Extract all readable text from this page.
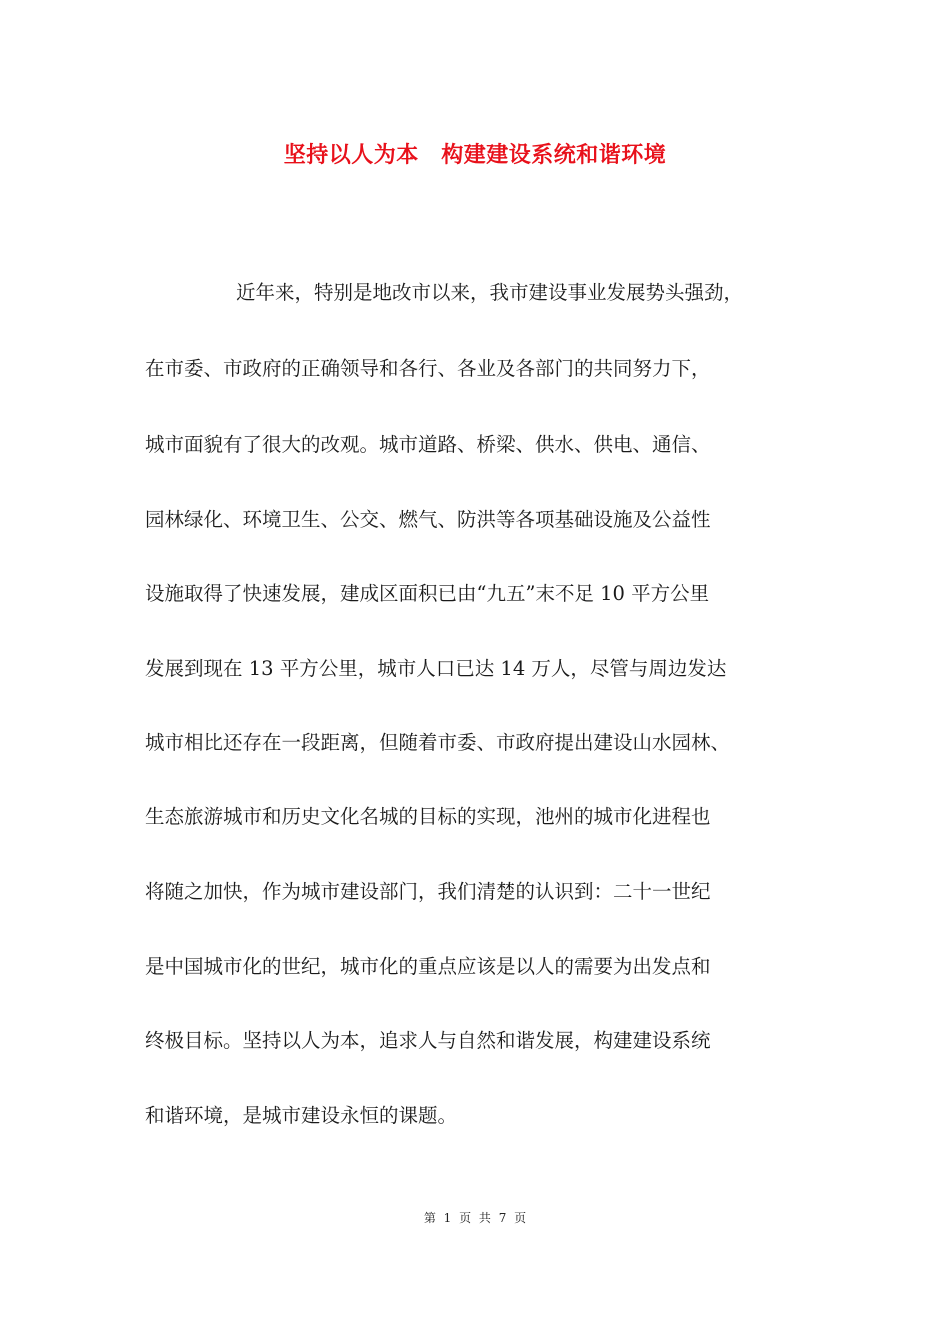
坚持以人为本　构建建设系统和谐环境
近年来，特别是地改市以来，我市建设事业发展势头强劲，
在市委、市政府的正确领导和各行、各业及各部门的共同努力下，
城市面貌有了很大的改观。城市道路、桥梁、供水、供电、通信、
园林绿化、环境卫生、公交、燃气、防洪等各项基础设施及公益性
设施取得了快速发展，建成区面积已由“九五”末不足 10 平方公里
发展到现在 13 平方公里，城市人口已达 14 万人，尽管与周边发达
城市相比还存在一段距离，但随着市委、市政府提出建设山水园林、
生态旅游城市和历史文化名城的目标的实现，池州的城市化进程也
将随之加快，作为城市建设部门，我们清楚的认识到：二十一世纪
是中国城市化的世纪，城市化的重点应该是以人的需要为出发点和
终极目标。坚持以人为本，追求人与自然和谐发展，构建建设系统
和谐环境，是城市建设永恒的课题。
第 1 页 共 7 页
